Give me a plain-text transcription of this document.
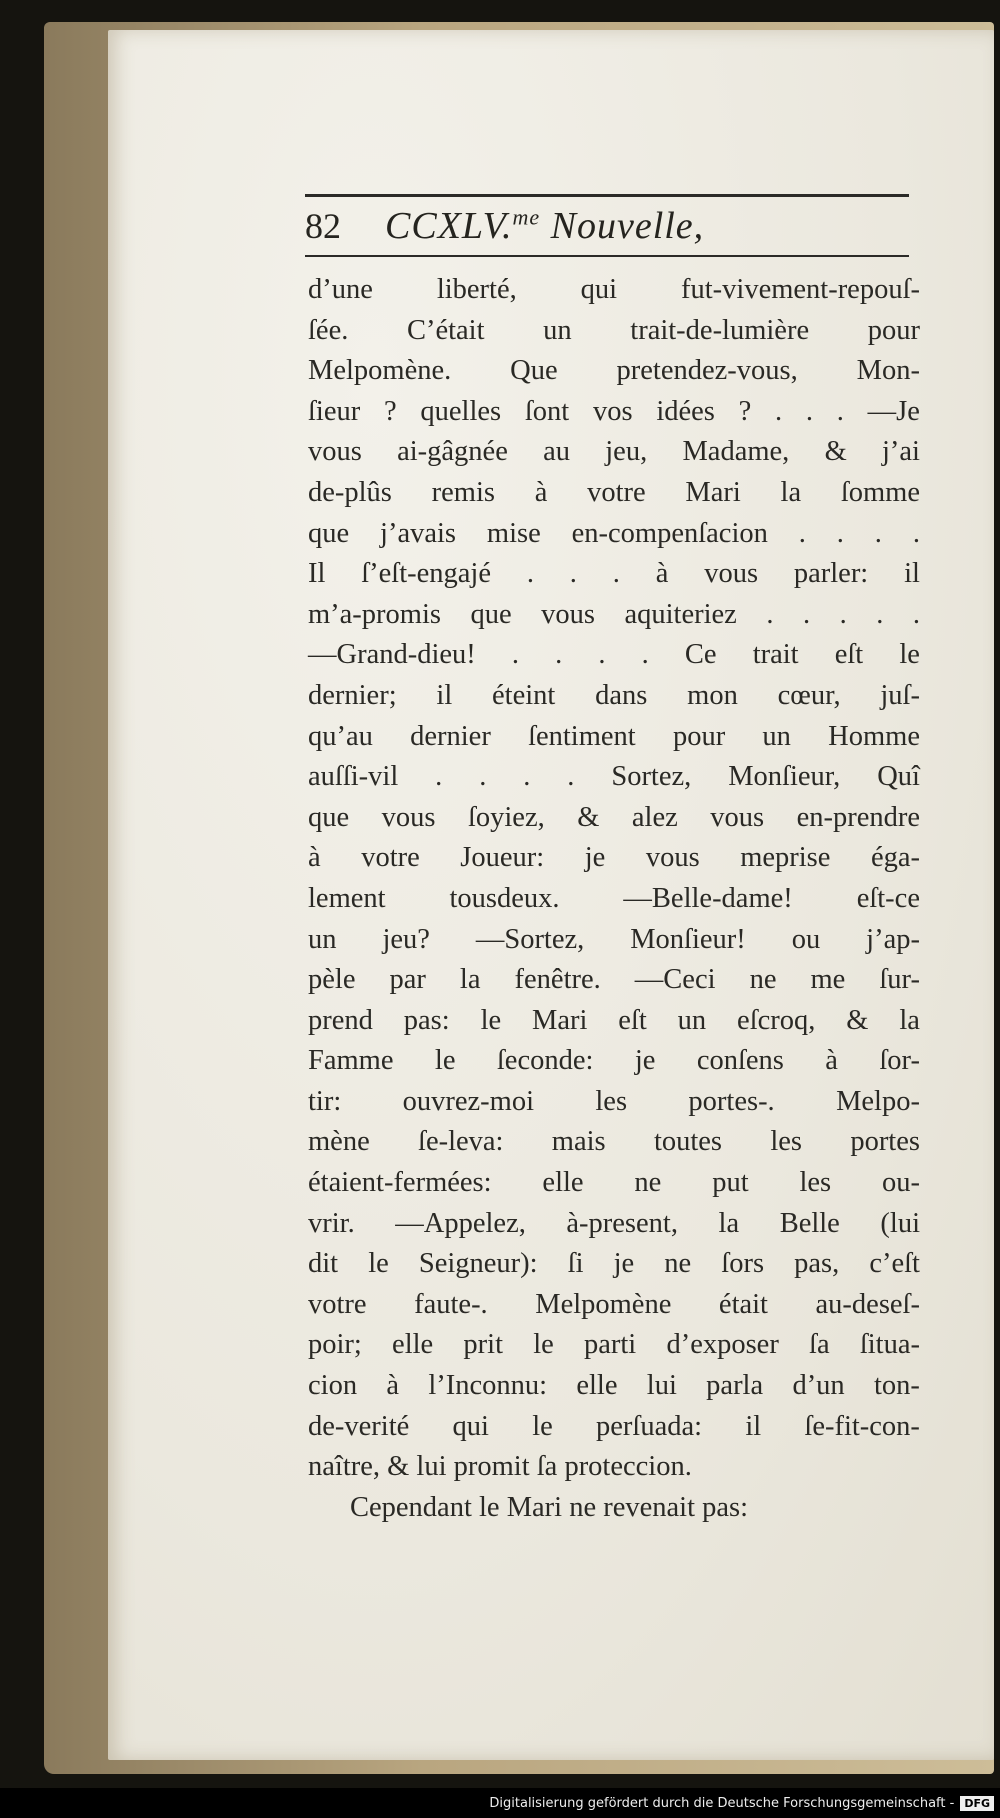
82 CCXLV.$^{me}$ Nouvelle,
d’une liberté, qui fut-vivement-repouſ-
ſée. C’était un trait-de-lumière pour
Melpomène. Que pretendez-vous, Mon-
ſieur ? quelles ſont vos idées ? . . . —Je
vous ai-gâgnée au jeu, Madame, & j’ai
de-plûs remis à votre Mari la ſomme
que j’avais mise en-compenſacion . . . .
Il ſ’eſt-engajé . . . à vous parler: il
m’a-promis que vous aquiteriez . . . . .
—Grand-dieu! . . . . Ce trait eſt le
dernier; il éteint dans mon cœur, juſ-
qu’au dernier ſentiment pour un Homme
auſſi-vil . . . . Sortez, Monſieur, Quî
que vous ſoyiez, & alez vous en-prendre
à votre Joueur: je vous meprise éga-
lement tousdeux. —Belle-dame! eſt-ce
un jeu? —Sortez, Monſieur! ou j’ap-
pèle par la fenêtre. —Ceci ne me ſur-
prend pas: le Mari eſt un eſcroq, & la
Famme le ſeconde: je conſens à ſor-
tir: ouvrez-moi les portes-. Melpo-
mène ſe-leva: mais toutes les portes
étaient-fermées: elle ne put les ou-
vrir. —Appelez, à-present, la Belle (lui
dit le Seigneur): ſi je ne ſors pas, c’eſt
votre faute-. Melpomène était au-deseſ-
poir; elle prit le parti d’exposer ſa ſitua-
cion à l’Inconnu: elle lui parla d’un ton-
de-verité qui le perſuada: il ſe-fit-con-
naître, & lui promit ſa proteccion.
Cependant le Mari ne revenait pas:
Digitalisierung gefördert durch die Deutsche Forschungsgemeinschaft - DFG
